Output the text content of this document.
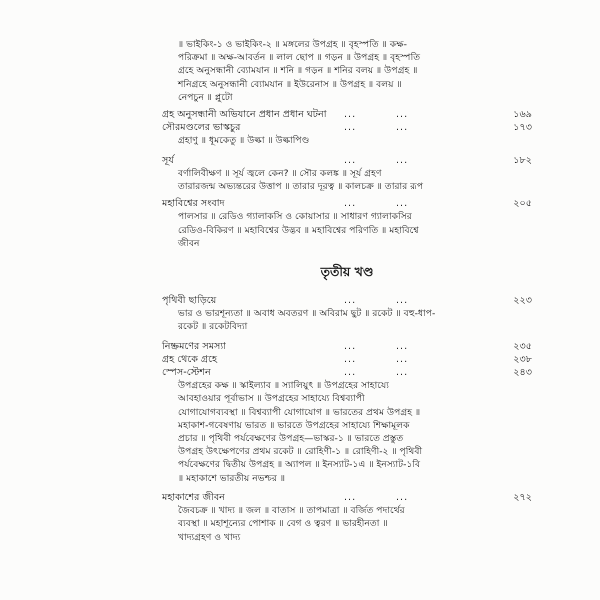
॥ ভাইকিং-১ ও ভাইকিং-২ ॥ মঙ্গলের উপগ্রহ ॥ বৃহস্পতি ॥ কক্ষ-
পরিক্রমা ॥ অক্ষ-আবর্তন ॥ লাল ছোপ ॥ গড়ন ॥ উপগ্রহ ॥ বৃহস্পতি
গ্রহে অনুসন্ধানী ব্যোমযান ॥ শনি ॥ গড়ন ॥ শনির বলয় ॥ উপগ্রহ ॥
শনিগ্রহে অনুসন্ধানী ব্যোমযান ॥ ইউরেনাস ॥ উপগ্রহ ॥ বলয় ॥
নেপচুন ॥ প্লুটো
গ্রহ অনুসন্ধানী অভিযানে প্রধান প্রধান ঘটনা ...	...	১৬৯
সৌরমণ্ডলের ভাস্কচুর	...	...	১৭৩
গ্রহাণু ॥ ধূমকেতু ॥ উল্কা ॥ উল্কাপিণ্ড
সূর্য	...	...	১৮২
বর্ণালিবীক্ষণ ॥ সূর্য জ্বলে কেন? ॥ সৌর কলঙ্ক ॥ সূর্য গ্রহণ
তারারজন্ম অভ্যন্তরের উত্তাপ ॥ তারার দূরত্ব ॥ কালচক্র ॥ তারার রূপ
মহাবিশ্বের সংবাদ	...	...	২০৫
পালসার ॥ রেডিও গ্যালাকসি ও কোয়াসার ॥ সাধারণ গ্যালাকসির
রেডিও-বিকিরণ ॥ মহাবিশ্বের উদ্ভব ॥ মহাবিশ্বের পরিণতি ॥ মহাবিশ্বে
জীবন
তৃতীয় খণ্ড
পৃথিবী ছাড়িয়ে	...	...	২২৩
ভার ও ভারশূন্যতা ॥ অবাধ অবতরণ ॥ অবিরাম ছুট ॥ রকেট ॥ বহু-ধাপ-
রকেট ॥ রকেটবিদ্যা
নিষ্ক্রমণের সমস্যা	...	...	২৩৫
গ্রহ থেকে গ্রহে	...	...	২৩৮
স্পেস-স্টেশন	...	...	২৪৩
উপগ্রহের কক্ষ ॥ স্কাইল্যাব ॥ স্যালিয়ুৎ ॥ উপগ্রহের সাহায্যে
আবহাওয়ার পূর্বাভাস ॥ উপগ্রহের সাহায্যে বিশ্বব্যাপী
যোগাযোগব্যবস্থা ॥ বিশ্বব্যাপী যোগাযোগ ॥ ভারতের প্রথম উপগ্রহ ॥
মহাকাশ-গবেষণায় ভারত ॥ ভারতে উপগ্রহের সাহায্যে শিক্ষামূলক
প্রচার ॥ পৃথিবী পর্যবেক্ষণের উপগ্রহ—ভাস্কর-১ ॥ ভারতে প্রস্তুত
উপগ্রহ উৎক্ষেপণের প্রথম রকেট ॥ রোহিণী-১ ॥ রোহিণী-২ ॥ পৃথিবী
পর্যবেক্ষণের দ্বিতীয় উপগ্রহ ॥ অ্যাপল ॥ ইনস্যাট-১এ ॥ ইনস্যাট-১বি
॥ মহাকাশে ভারতীয় নভশ্চর ॥
মহাকাশের জীবন	...	...	২৭২
জৈবচক্র ॥ খাদ্য ॥ জল ॥ বাতাস ॥ তাপমাত্রা ॥ বর্জিত পদার্থের
ব্যবস্থা ॥ মহাশূন্যের পোশাক ॥ বেগ ও ত্বরণ ॥ ভারহীনতা ॥
খাদ্যগ্রহণ ও খাদ্য
